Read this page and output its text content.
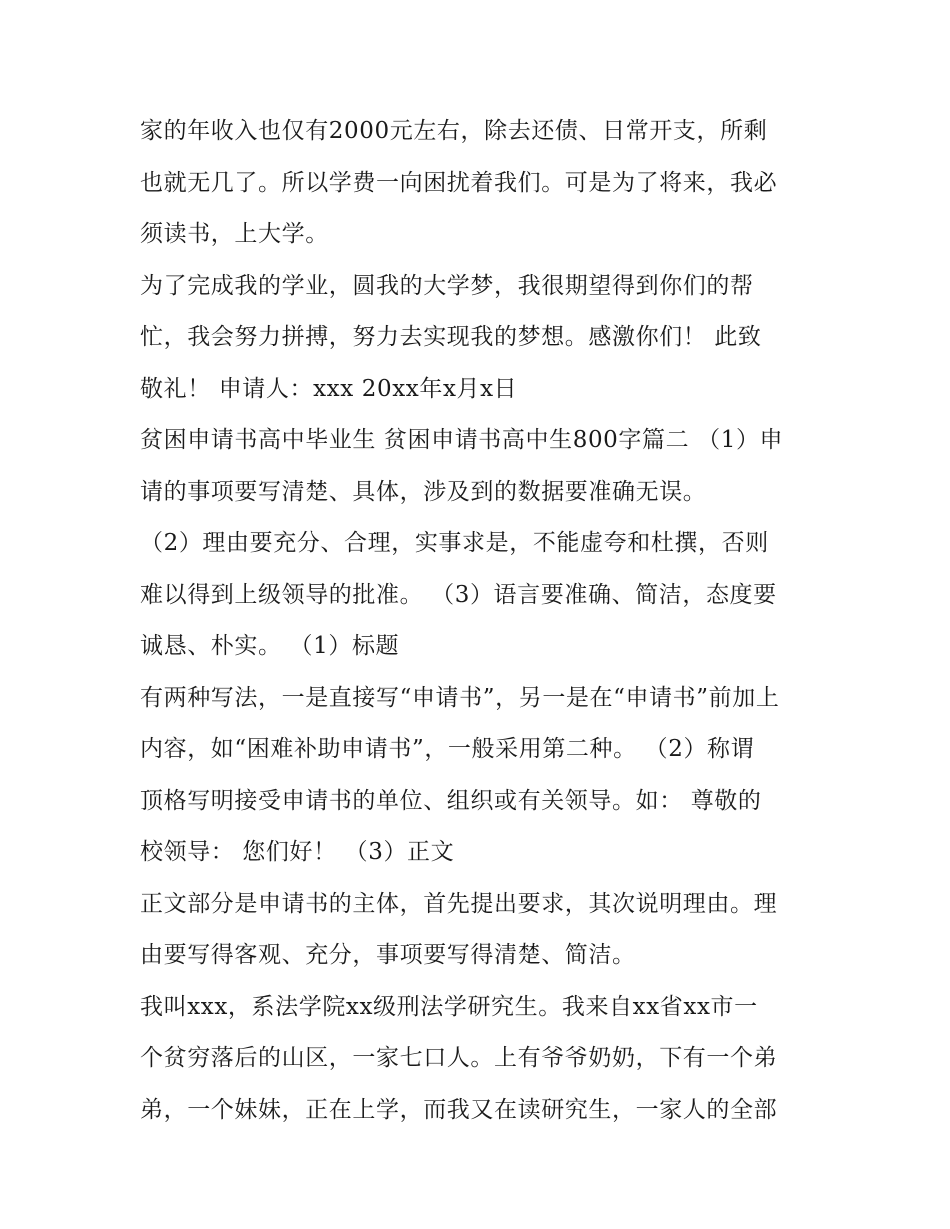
家的年收入也仅有2000元左右，除去还债、日常开支，所剩
也就无几了。所以学费一向困扰着我们。可是为了将来，我必
须读书，上大学。
为了完成我的学业，圆我的大学梦，我很期望得到你们的帮
忙，我会努力拼搏，努力去实现我的梦想。感激你们！ 此致
敬礼！ 申请人：xxx 20xx年x月x日
贫困申请书高中毕业生 贫困申请书高中生800字篇二 （1）申
请的事项要写清楚、具体，涉及到的数据要准确无误。
（2）理由要充分、合理，实事求是，不能虚夸和杜撰，否则
难以得到上级领导的批准。 （3）语言要准确、简洁，态度要
诚恳、朴实。 （1）标题
有两种写法，一是直接写“申请书”，另一是在“申请书”前加上
内容，如“困难补助申请书”，一般采用第二种。 （2）称谓
顶格写明接受申请书的单位、组织或有关领导。如： 尊敬的
校领导： 您们好！ （3）正文
正文部分是申请书的主体，首先提出要求，其次说明理由。理
由要写得客观、充分，事项要写得清楚、简洁。
我叫xxx，系法学院xx级刑法学研究生。我来自xx省xx市一
个贫穷落后的山区，一家七口人。上有爷爷奶奶，下有一个弟
弟，一个妹妹，正在上学，而我又在读研究生，一家人的全部
